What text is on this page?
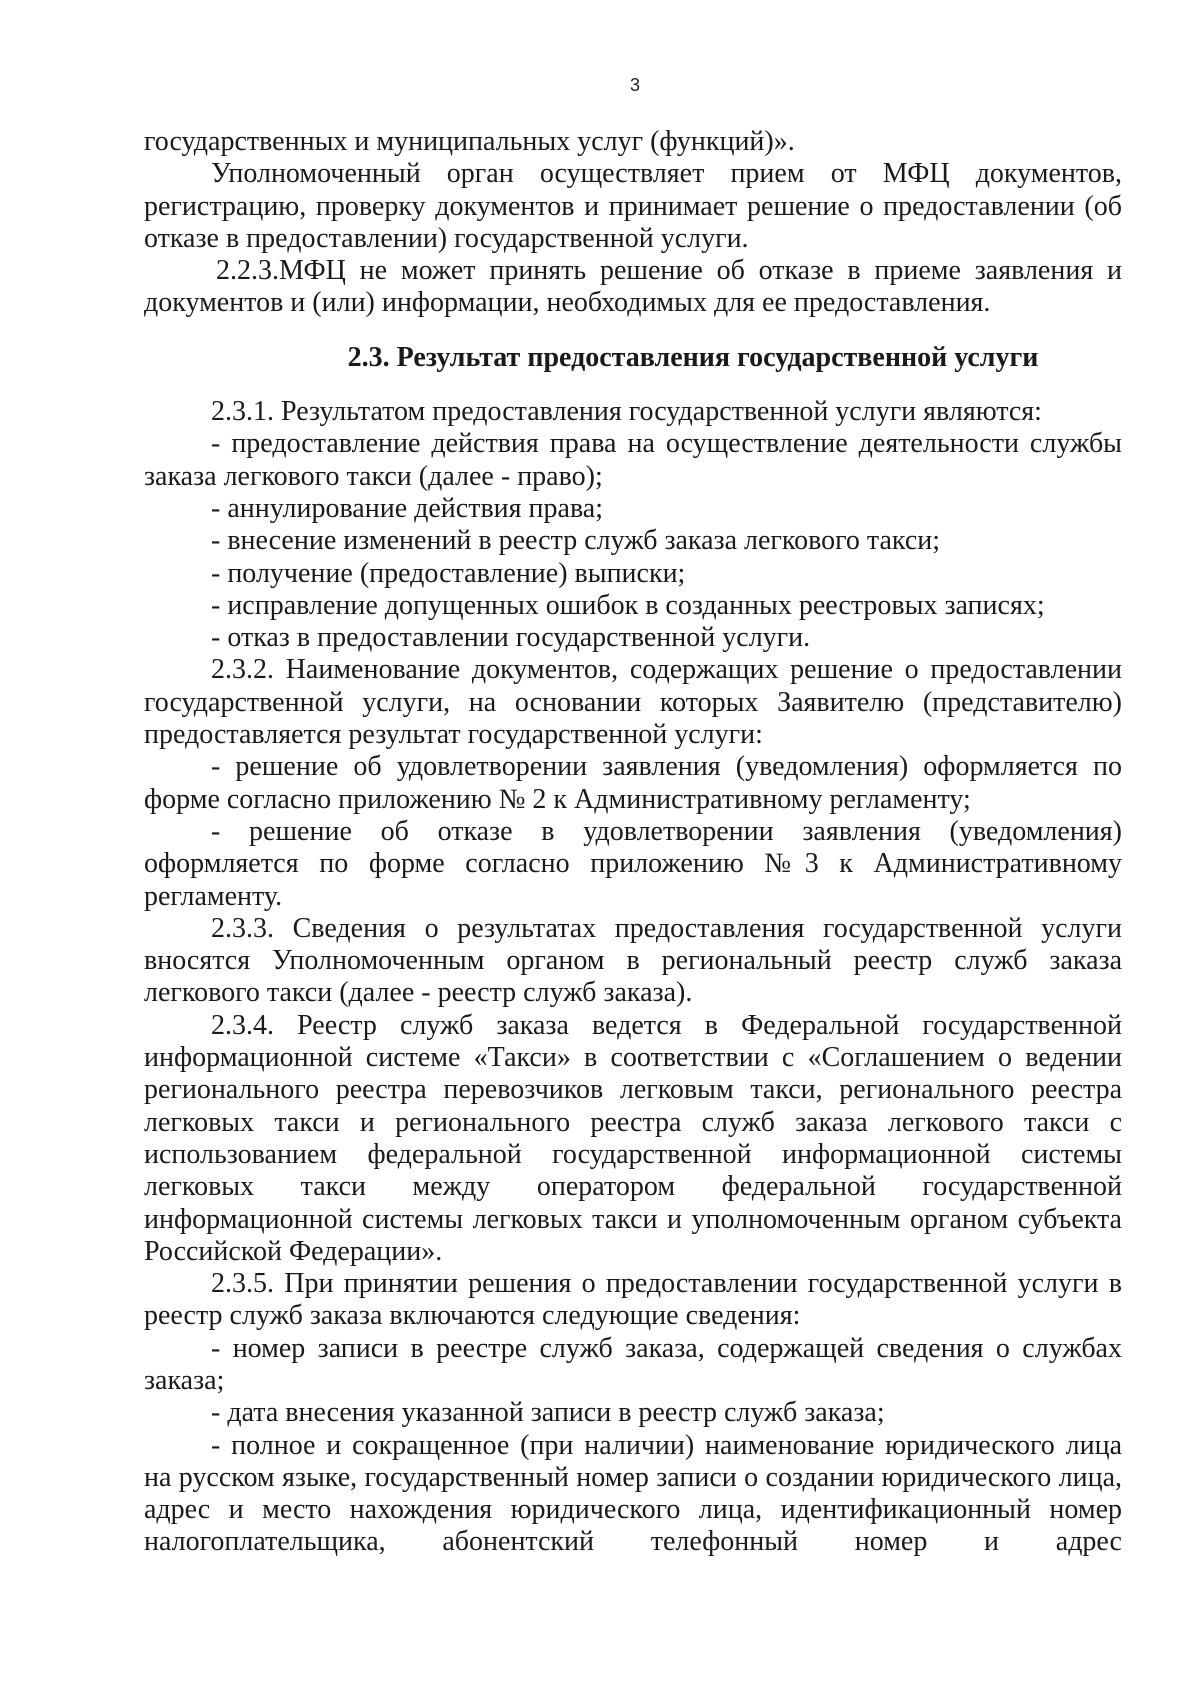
3

государственных и муниципальных услуг (функций)».

Уполномоченный орган осуществляет прием от МФЦ документов, регистрацию, проверку документов и принимает решение о предоставлении (об отказе в предоставлении) государственной услуги.

2.2.3.МФЦ не может принять решение об отказе в приеме заявления и документов и (или) информации, необходимых для ее предоставления.

2.3. Результат предоставления государственной услуги

2.3.1. Результатом предоставления государственной услуги являются:

- предоставление действия права на осуществление деятельности службы заказа легкового такси (далее - право);

- аннулирование действия права;

- внесение изменений в реестр служб заказа легкового такси;

- получение (предоставление) выписки;

- исправление допущенных ошибок в созданных реестровых записях;

- отказ в предоставлении государственной услуги.

2.3.2. Наименование документов, содержащих решение о предоставлении государственной услуги, на основании которых Заявителю (представителю) предоставляется результат государственной услуги:

- решение об удовлетворении заявления (уведомления) оформляется по форме согласно приложению № 2 к Административному регламенту;

- решение об отказе в удовлетворении заявления (уведомления) оформляется по форме согласно приложению №3 к Административному регламенту.

2.3.3. Сведения о результатах предоставления государственной услуги вносятся Уполномоченным органом в региональный реестр служб заказа легкового такси (далее - реестр служб заказа).

2.3.4. Реестр служб заказа ведется в Федеральной государственной информационной системе «Такси» в соответствии с «Соглашением о ведении регионального реестра перевозчиков легковым такси, регионального реестра легковых такси и регионального реестра служб заказа легкового такси с использованием федеральной государственной информационной системы легковых такси между оператором федеральной государственной информационной системы легковых такси и уполномоченным органом субъекта Российской Федерации».

2.3.5. При принятии решения о предоставлении государственной услуги в реестр служб заказа включаются следующие сведения:

- номер записи в реестре служб заказа, содержащей сведения о службах заказа;

- дата внесения указанной записи в реестр служб заказа;

- полное и сокращенное (при наличии) наименование юридического лица на русском языке, государственный номер записи о создании юридического лица, адрес и место нахождения юридического лица, идентификационный номер налогоплательщика, абонентский телефонный номер и адрес
